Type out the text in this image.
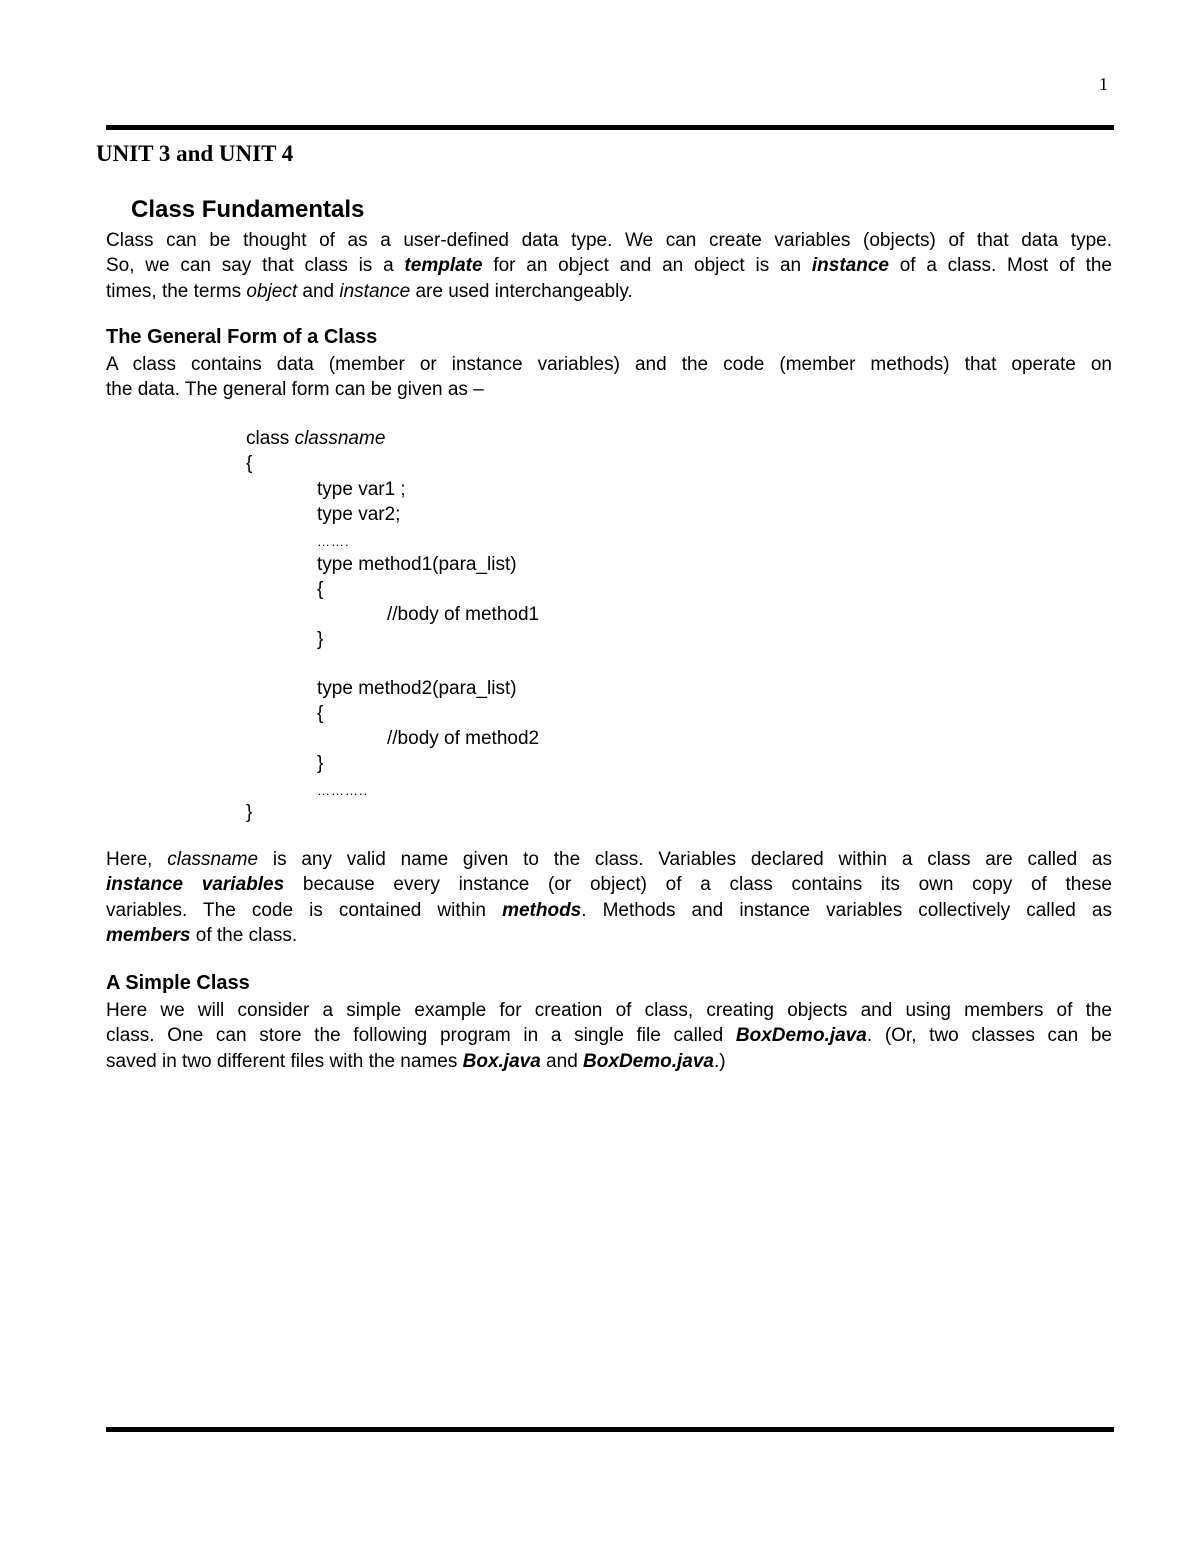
1
UNIT 3 and UNIT 4
Class Fundamentals
Class can be thought of as a user-defined data type. We can create variables (objects) of that data type.
So, we can say that class is a template for an object and an object is an instance of a class. Most of the
times, the terms object and instance are used interchangeably.
The General Form of a Class
A class contains data (member or instance variables) and the code (member methods) that operate on
the data. The general form can be given as –
class classname
{
type var1 ;
type var2;
…….
type method1(para_list)
{
//body of method1
}
type method2(para_list)
{
//body of method2
}
………..
}
Here, classname is any valid name given to the class. Variables declared within a class are called as
instance variables because every instance (or object) of a class contains its own copy of these
variables. The code is contained within methods. Methods and instance variables collectively called as
members of the class.
A Simple Class
Here we will consider a simple example for creation of class, creating objects and using members of the
class. One can store the following program in a single file called BoxDemo.java. (Or, two classes can be
saved in two different files with the names Box.java and BoxDemo.java.)
